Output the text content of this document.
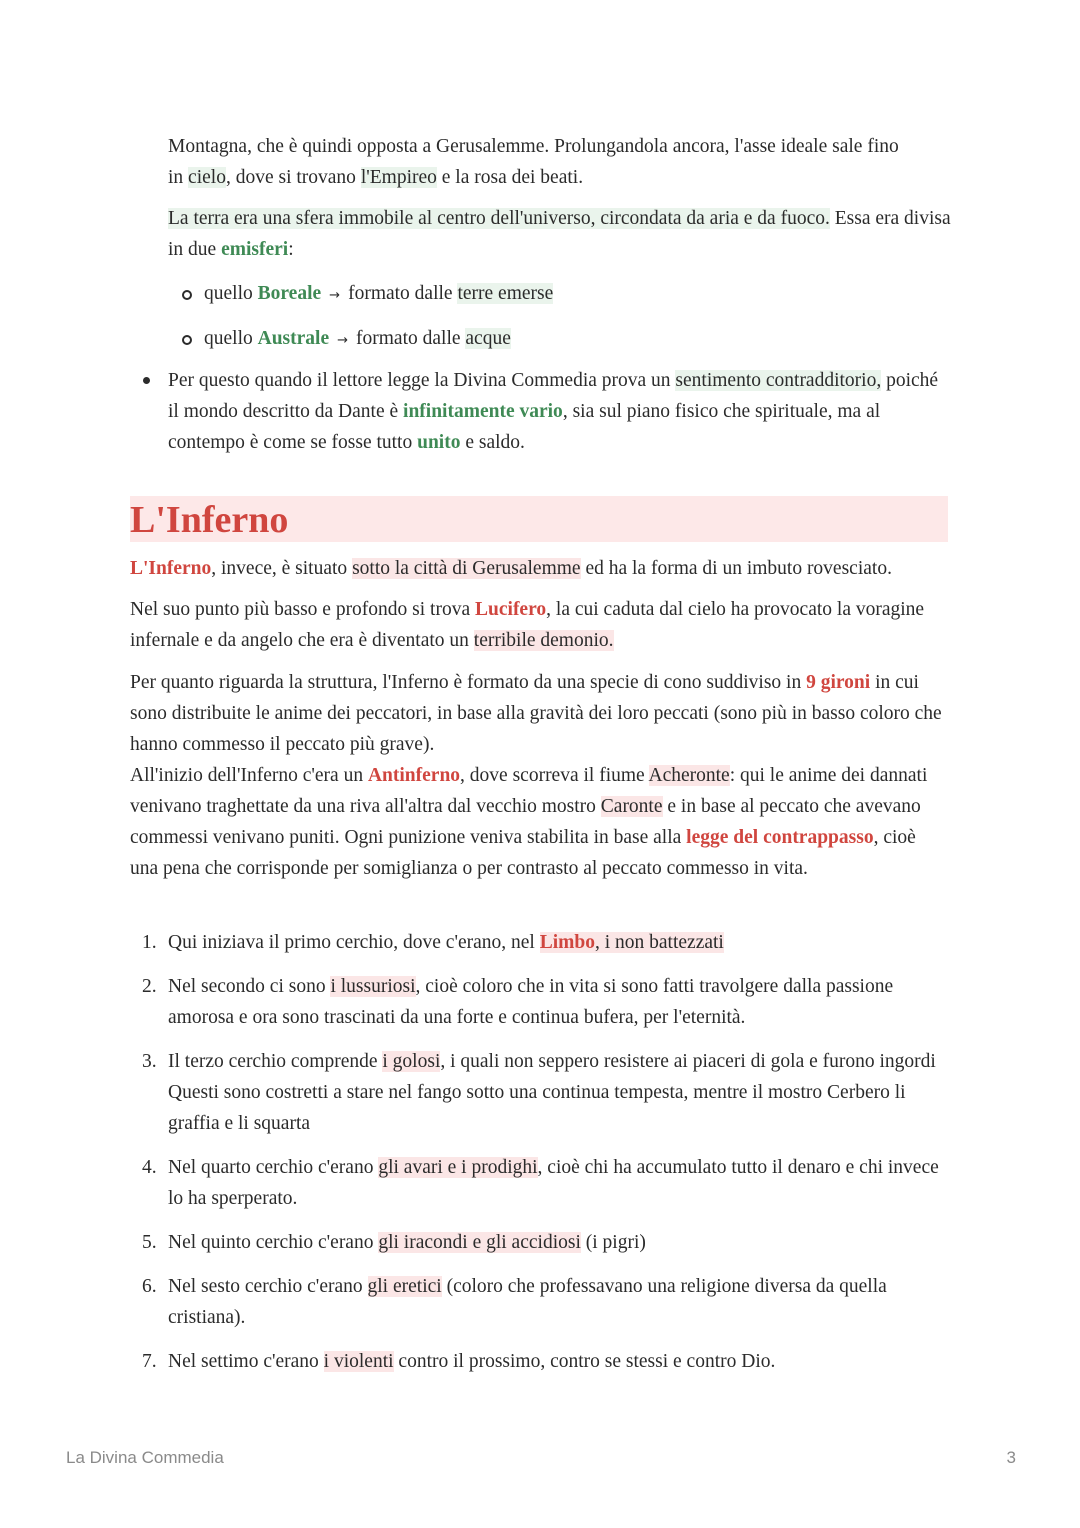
Montagna, che è quindi opposta a Gerusalemme. Prolungandola ancora, l'asse ideale sale fino
in cielo, dove si trovano l'Empireo e la rosa dei beati.

La terra era una sfera immobile al centro dell'universo, circondata da aria e da fuoco. Essa era divisa in due emisferi:

quello Boreale → formato dalle terre emerse
quello Australe → formato dalle acque

Per questo quando il lettore legge la Divina Commedia prova un sentimento contradditorio, poiché il mondo descritto da Dante è infinitamente vario, sia sul piano fisico che spirituale, ma al contempo è come se fosse tutto unito e saldo.

L'Inferno

L'Inferno, invece, è situato sotto la città di Gerusalemme ed ha la forma di un imbuto rovesciato.

Nel suo punto più basso e profondo si trova Lucifero, la cui caduta dal cielo ha provocato la voragine infernale e da angelo che era è diventato un terribile demonio.

Per quanto riguarda la struttura, l'Inferno è formato da una specie di cono suddiviso in 9 gironi in cui sono distribuite le anime dei peccatori, in base alla gravità dei loro peccati (sono più in basso coloro che hanno commesso il peccato più grave).

All'inizio dell'Inferno c'era un Antinferno, dove scorreva il fiume Acheronte: qui le anime dei dannati venivano traghettate da una riva all'altra dal vecchio mostro Caronte e in base al peccato che avevano commessi venivano puniti. Ogni punizione veniva stabilita in base alla legge del contrappasso, cioè una pena che corrisponde per somiglianza o per contrasto al peccato commesso in vita.

1. Qui iniziava il primo cerchio, dove c'erano, nel Limbo, i non battezzati
2. Nel secondo ci sono i lussuriosi, cioè coloro che in vita si sono fatti travolgere dalla passione amorosa e ora sono trascinati da una forte e continua bufera, per l'eternità.
3. Il terzo cerchio comprende i golosi, i quali non seppero resistere ai piaceri di gola e furono ingordi Questi sono costretti a stare nel fango sotto una continua tempesta, mentre il mostro Cerbero li graffia e li squarta
4. Nel quarto cerchio c'erano gli avari e i prodighi, cioè chi ha accumulato tutto il denaro e chi invece lo ha sperperato.
5. Nel quinto cerchio c'erano gli iracondi e gli accidiosi (i pigri)
6. Nel sesto cerchio c'erano gli eretici (coloro che professavano una religione diversa da quella cristiana).
7. Nel settimo c'erano i violenti contro il prossimo, contro se stessi e contro Dio.
La Divina Commedia	3
